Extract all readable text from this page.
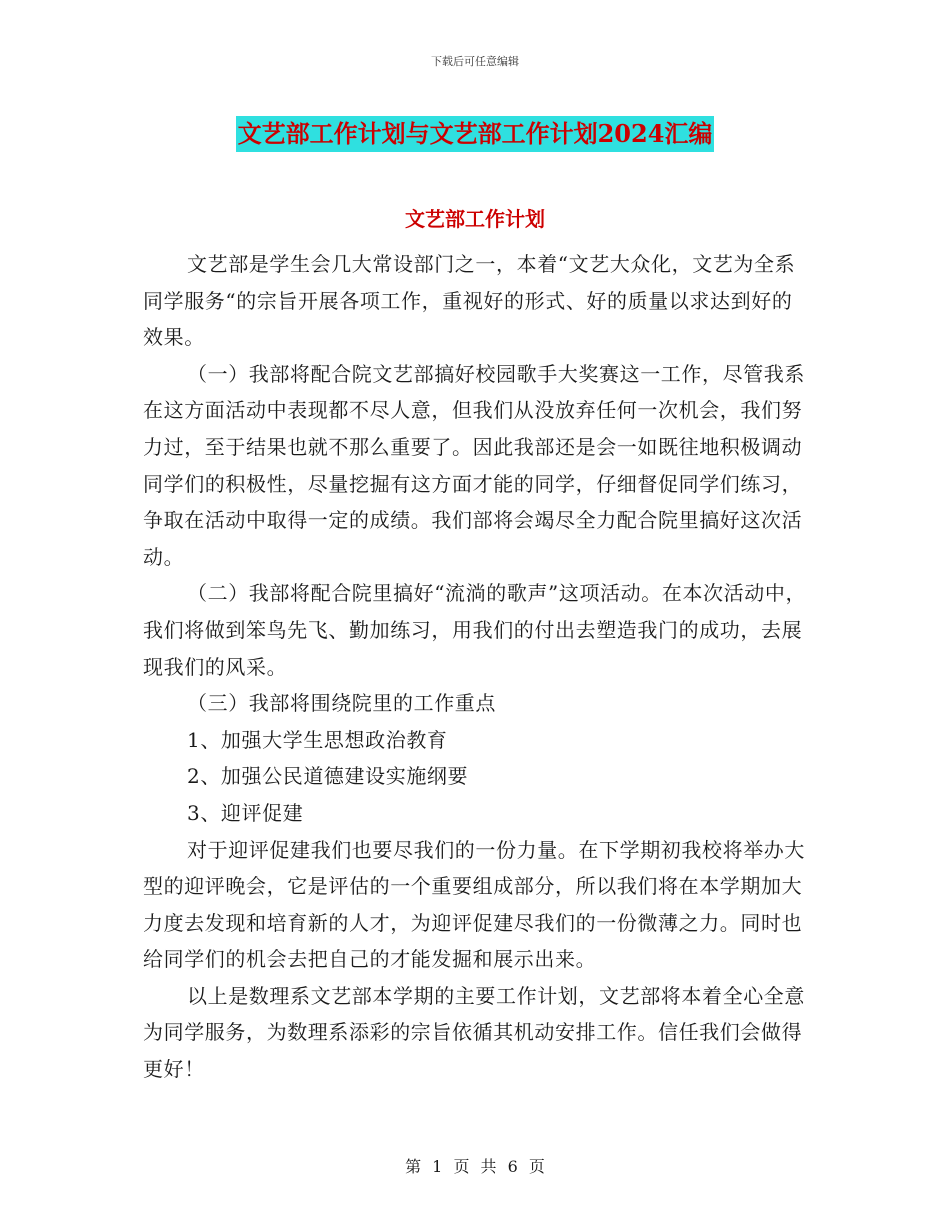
下载后可任意编辑
文艺部工作计划与文艺部工作计划2024汇编
文艺部工作计划

文艺部是学生会几大常设部门之一，本着“文艺大众化，文艺为全系同学服务“的宗旨开展各项工作，重视好的形式、好的质量以求达到好的效果。

（一）我部将配合院文艺部搞好校园歌手大奖赛这一工作，尽管我系在这方面活动中表现都不尽人意，但我们从没放弃任何一次机会，我们努力过，至于结果也就不那么重要了。因此我部还是会一如既往地积极调动同学们的积极性，尽量挖掘有这方面才能的同学，仔细督促同学们练习，争取在活动中取得一定的成绩。我们部将会竭尽全力配合院里搞好这次活动。

（二）我部将配合院里搞好“流淌的歌声”这项活动。在本次活动中，我们将做到笨鸟先飞、勤加练习，用我们的付出去塑造我门的成功，去展现我们的风采。

（三）我部将围绕院里的工作重点

1、加强大学生思想政治教育

2、加强公民道德建设实施纲要

3、迎评促建

对于迎评促建我们也要尽我们的一份力量。在下学期初我校将举办大型的迎评晚会，它是评估的一个重要组成部分，所以我们将在本学期加大力度去发现和培育新的人才，为迎评促建尽我们的一份微薄之力。同时也给同学们的机会去把自己的才能发掘和展示出来。

以上是数理系文艺部本学期的主要工作计划，文艺部将本着全心全意为同学服务，为数理系添彩的宗旨依循其机动安排工作。信任我们会做得更好！

第 1 页 共 6 页
